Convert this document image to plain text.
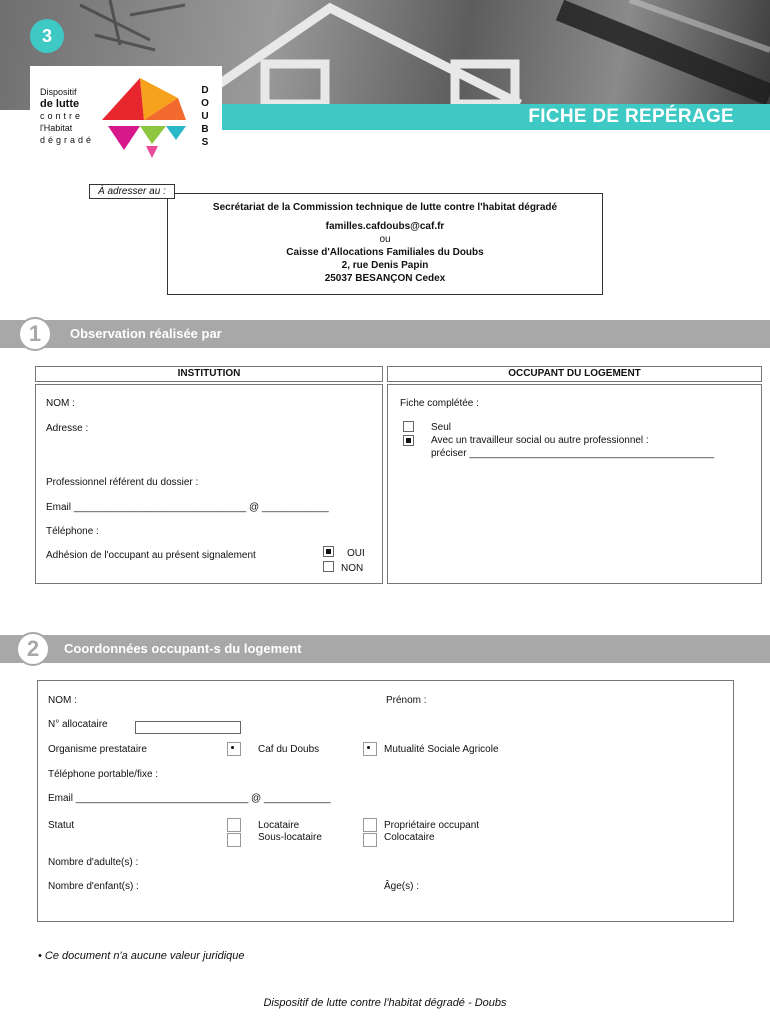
FICHE DE REPÉRAGE
3
Dispositif
de lutte
contre
l'Habitat
dégradé
D
O
U
B
S
À adresser au :
Secrétariat de la Commission technique de lutte contre l'habitat dégradé
familles.cafdoubs@caf.fr
ou
Caisse d'Allocations Familiales du Doubs
2, rue Denis Papin
25037 BESANÇON Cedex
1	Observation réalisée par
INSTITUTION	OCCUPANT DU LOGEMENT
NOM :
Adresse :
Professionnel référent du dossier :
Email _______________________________ @ ____________
Téléphone :
Adhésion de l'occupant au présent signalement	OUI
NON
Fiche complétée :
Seul
Avec un travailleur social ou autre professionnel :
préciser ____________________________________________
2	Coordonnées occupant-s du logement
NOM :	Prénom :
N° allocataire
Organisme prestataire	Caf du Doubs	Mutualité Sociale Agricole
Téléphone portable/fixe :
Email _______________________________ @ ____________
Statut	Locataire
Sous-locataire
Propriétaire occupant
Colocataire
Nombre d'adulte(s) :
Nombre d'enfant(s) :	Âge(s) :
• Ce document n'a aucune valeur juridique
Dispositif de lutte contre l'habitat dégradé - Doubs
